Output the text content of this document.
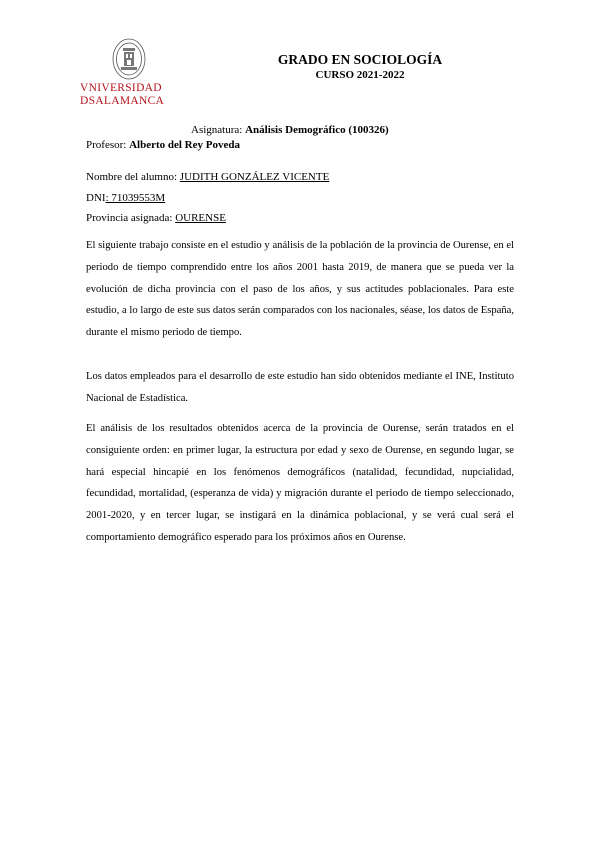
VNIVERSIDAD
DSALAMANCA
GRADO EN SOCIOLOGÍA
CURSO 2021-2022
Asignatura: Análisis Demográfico (100326)
Profesor: Alberto del Rey Poveda
Nombre del alumno: JUDITH GONZÁLEZ VICENTE
DNI: 71039553M
Provincia asignada: OURENSE

El siguiente trabajo consiste en el estudio y análisis de la población de la provincia de Ourense, en el periodo de tiempo comprendido entre los años 2001 hasta 2019, de manera que se pueda ver la evolución de dicha provincia con el paso de los años, y sus actitudes poblacionales. Para este estudio, a lo largo de este sus datos serán comparados con los nacionales, séase, los datos de España, durante el mismo periodo de tiempo.

Los datos empleados para el desarrollo de este estudio han sido obtenidos mediante el INE, Instituto Nacional de Estadística.

El análisis de los resultados obtenidos acerca de la provincia de Ourense, serán tratados en el consiguiente orden: en primer lugar, la estructura por edad y sexo de Ourense, en segundo lugar, se hará especial hincapié en los fenómenos demográficos (natalidad, fecundidad, nupcialidad, fecundidad, mortalidad, (esperanza de vida) y migración durante el periodo de tiempo seleccionado, 2001-2020, y en tercer lugar, se instigará en la dinámica poblacional, y se verá cual será el comportamiento demográfico esperado para los próximos años en Ourense.
